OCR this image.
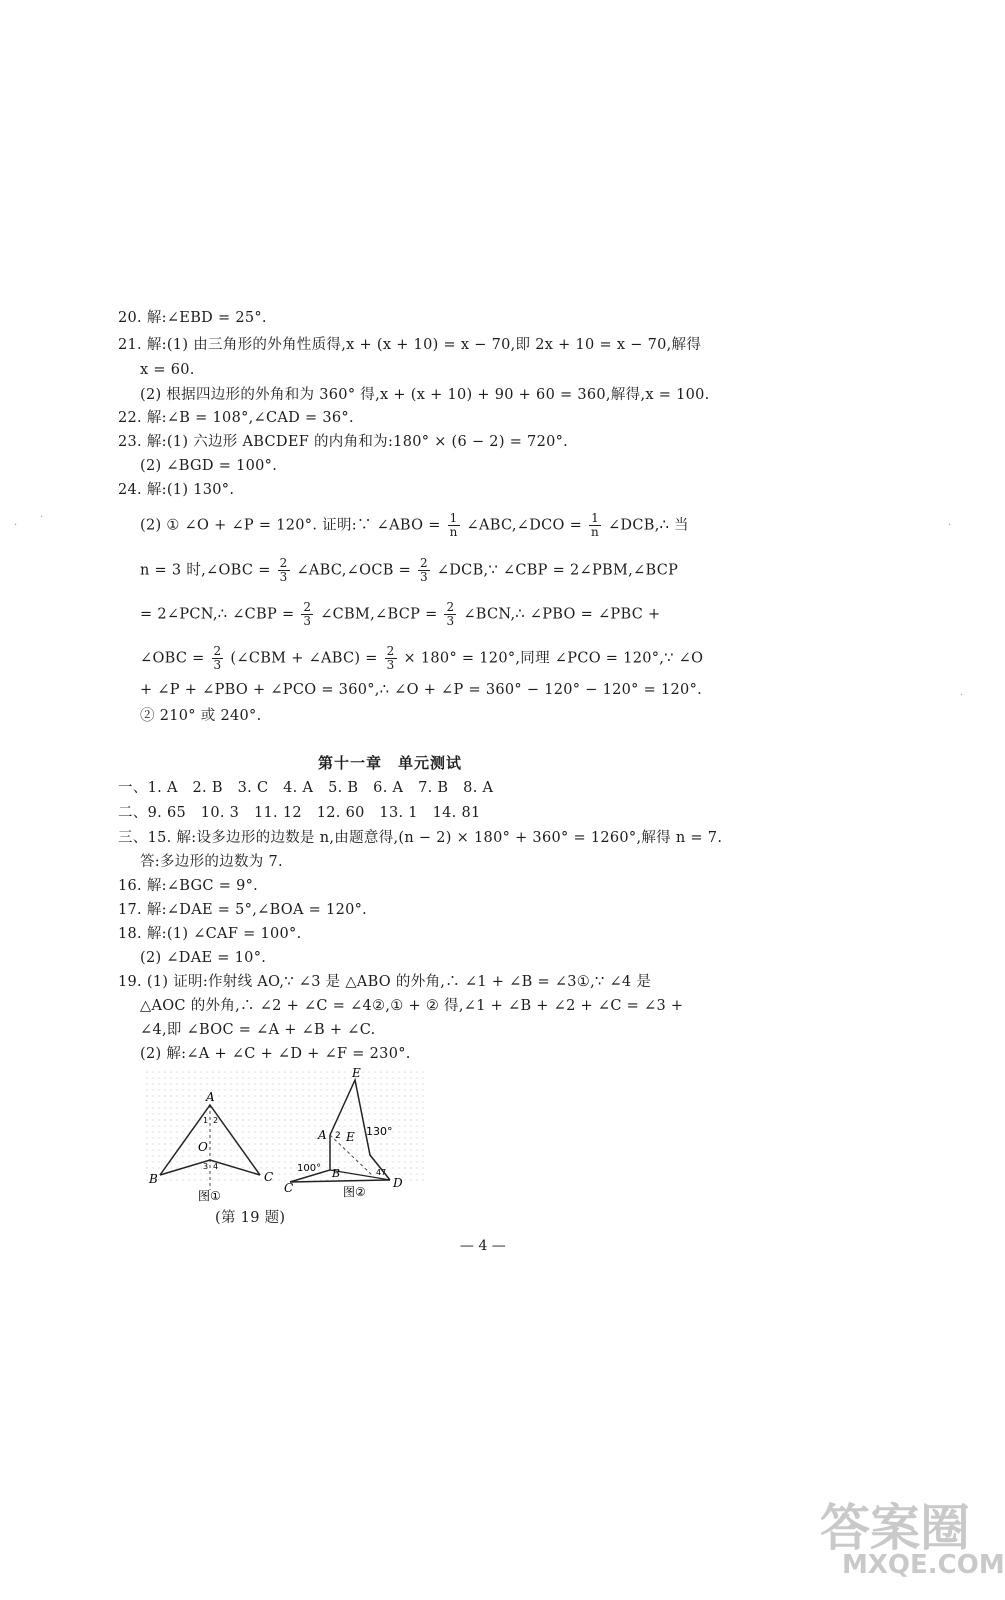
20. 解:∠EBD = 25°.
21. 解:(1) 由三角形的外角性质得,x + (x + 10) = x − 70,即 2x + 10 = x − 70,解得
x = 60.
(2) 根据四边形的外角和为 360° 得,x + (x + 10) + 90 + 60 = 360,解得,x = 100.
22. 解:∠B = 108°,∠CAD = 36°.
23. 解:(1) 六边形 ABCDEF 的内角和为:180° × (6 − 2) = 720°.
(2) ∠BGD = 100°.
24. 解:(1) 130°.
(2) ① ∠O + ∠P = 120°. 证明:∵ ∠ABO = $\frac{1}{n}$ ∠ABC,∠DCO = $\frac{1}{n}$ ∠DCB,∴ 当
n = 3 时,∠OBC = $\frac{2}{3}$ ∠ABC,∠OCB = $\frac{2}{3}$ ∠DCB,∵ ∠CBP = 2∠PBM,∠BCP
= 2∠PCN,∴ ∠CBP = $\frac{2}{3}$ ∠CBM,∠BCP = $\frac{2}{3}$ ∠BCN,∴ ∠PBO = ∠PBC +
∠OBC = $\frac{2}{3}$ (∠CBM + ∠ABC) = $\frac{2}{3} \times 180^\circ = 120^\circ$,同理 ∠PCO = 120°,∵ ∠O
+ ∠P + ∠PBO + ∠PCO = 360°,∴ ∠O + ∠P = 360° − 120° − 120° = 120°.
② 210° 或 240°.
第十一章　单元测试
一、1. A　2. B　3. C　4. A　5. B　6. A　7. B　8. A
二、9. 65　10. 3　11. 12　12. 60　13. 1　14. 81
三、15. 解:设多边形的边数是 n,由题意得,(n − 2) × 180° + 360° = 1260°,解得 n = 7.
答:多边形的边数为 7.
16. 解:∠BGC = 9°.
17. 解:∠DAE = 5°,∠BOA = 120°.
18. 解:(1) ∠CAF = 100°.
(2) ∠DAE = 10°.
19. (1) 证明:作射线 AO,∵ ∠3 是 △ABO 的外角,∴ ∠1 + ∠B = ∠3①,∵ ∠4 是
△AOC 的外角,∴ ∠2 + ∠C = ∠4②,① + ② 得,∠1 + ∠B + ∠2 + ∠C = ∠3 +
∠4,即 ∠BOC = ∠A + ∠B + ∠C.
(2) 解:∠A + ∠C + ∠D + ∠F = 230°.
A
O
B	C
1 2
3 4
图①
E
A E
B
C	D
130°
100°
2
47
图②
(第 19 题)
— 4 —
·
·
·
·
答案圈
MXQE.COM
